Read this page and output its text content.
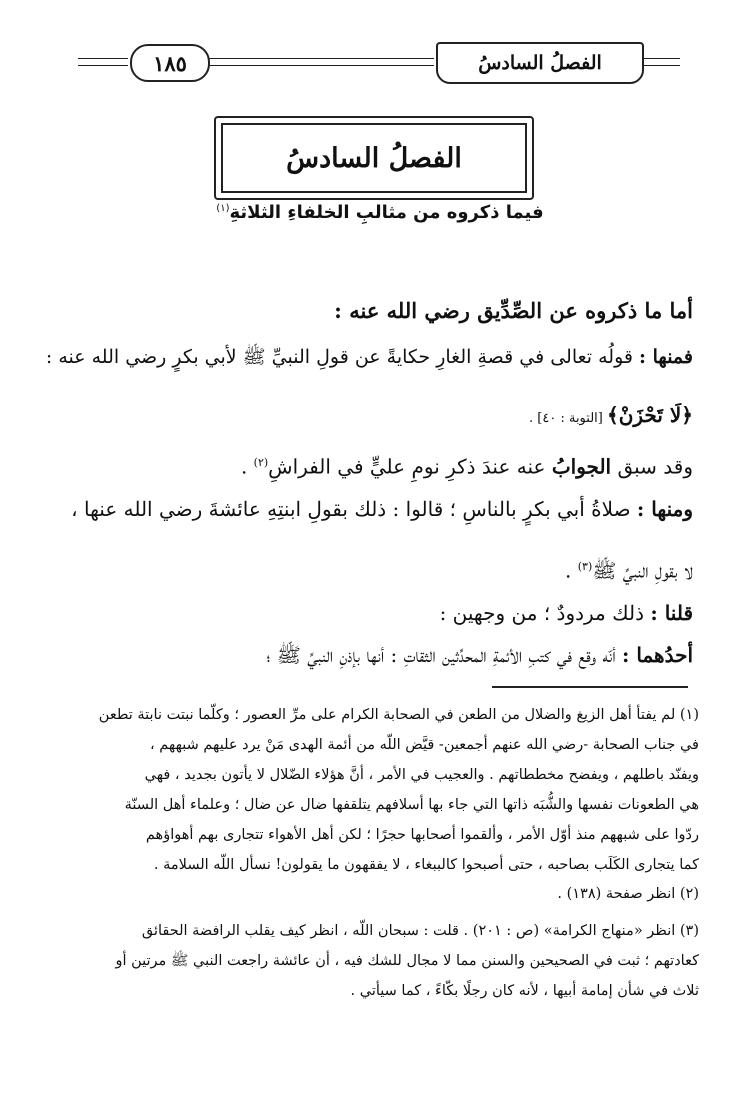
١٨٥	الفصلُ السادسُ
الفصلُ السادسُ
فيما ذكروه من مثالبِ الخلفاءِ الثلاثةِ$^{(١)}$
أما ما ذكروه عن الصِّدِّيق رضي الله عنه :
فمنها : قولُه تعالى في قصةِ الغارِ حكايةً عن قولِ النبيِّ ﷺ لأبي بكرٍ رضي الله عنه :
﴿لَا تَحْزَنْ﴾ [التوبة : ٤٠] .
وقد سبق الجوابُ عنه عندَ ذكرِ نومِ عليٍّ في الفراشِ$^{(٢)}$ .
ومنها : صلاةُ أبي بكرٍ بالناسِ ؛ قالوا : ذلك بقولِ ابنتِهِ عائشةَ رضي الله عنها ،
لا بقولِ النبيِّ ﷺ$^{(٣)}$ .
قلنا : ذلك مردودٌ ؛ من وجهين :
أحدُهما : أنّه وقع في كتبِ الأئمةِ المحدِّثين الثقاتِ : أنها بإذنِ النبيِّ ﷺ ؛
(١) لم يفتأ أهل الزيغ والضلال من الطعن في الصحابة الكرام على مرِّ العصور ؛ وكلّما نبتت نابتة تطعن
في جناب الصحابة -رضي الله عنهم أجمعين- قيَّض اللّه من أئمة الهدى مَنْ يرد عليهم شبههم ،
ويفنّد باطلهم ، ويفضح مخططاتهم . والعجيب في الأمر ، أنَّ هؤلاء الضّلال لا يأتون بجديد ، فهي
هي الطعونات نفسها والشُّبَه ذاتها التي جاء بها أسلافهم يتلقفها ضال عن ضال ؛ وعلماء أهل السنّة
ردّوا على شبههم منذ أوّل الأمر ، وألقموا أصحابها حجرًا ؛ لكن أهل الأهواء تتجارى بهم أهواؤهم
كما يتجارى الكَلَب بصاحبه ، حتى أصبحوا كالببغاء ، لا يفقهون ما يقولون! نسأل اللّه السلامة .
(٢) انظر صفحة (١٣٨) .
(٣) انظر «منهاج الكرامة» (ص : ٢٠١) . قلت : سبحان اللّه ، انظر كيف يقلب الرافضة الحقائق
كعادتهم ؛ ثبت في الصحيحين والسنن مما لا مجال للشك فيه ، أن عائشة راجعت النبي ﷺ مرتين أو
ثلاث في شأن إمامة أبيها ، لأنه كان رجلًا بكّاءً ، كما سيأتي .
